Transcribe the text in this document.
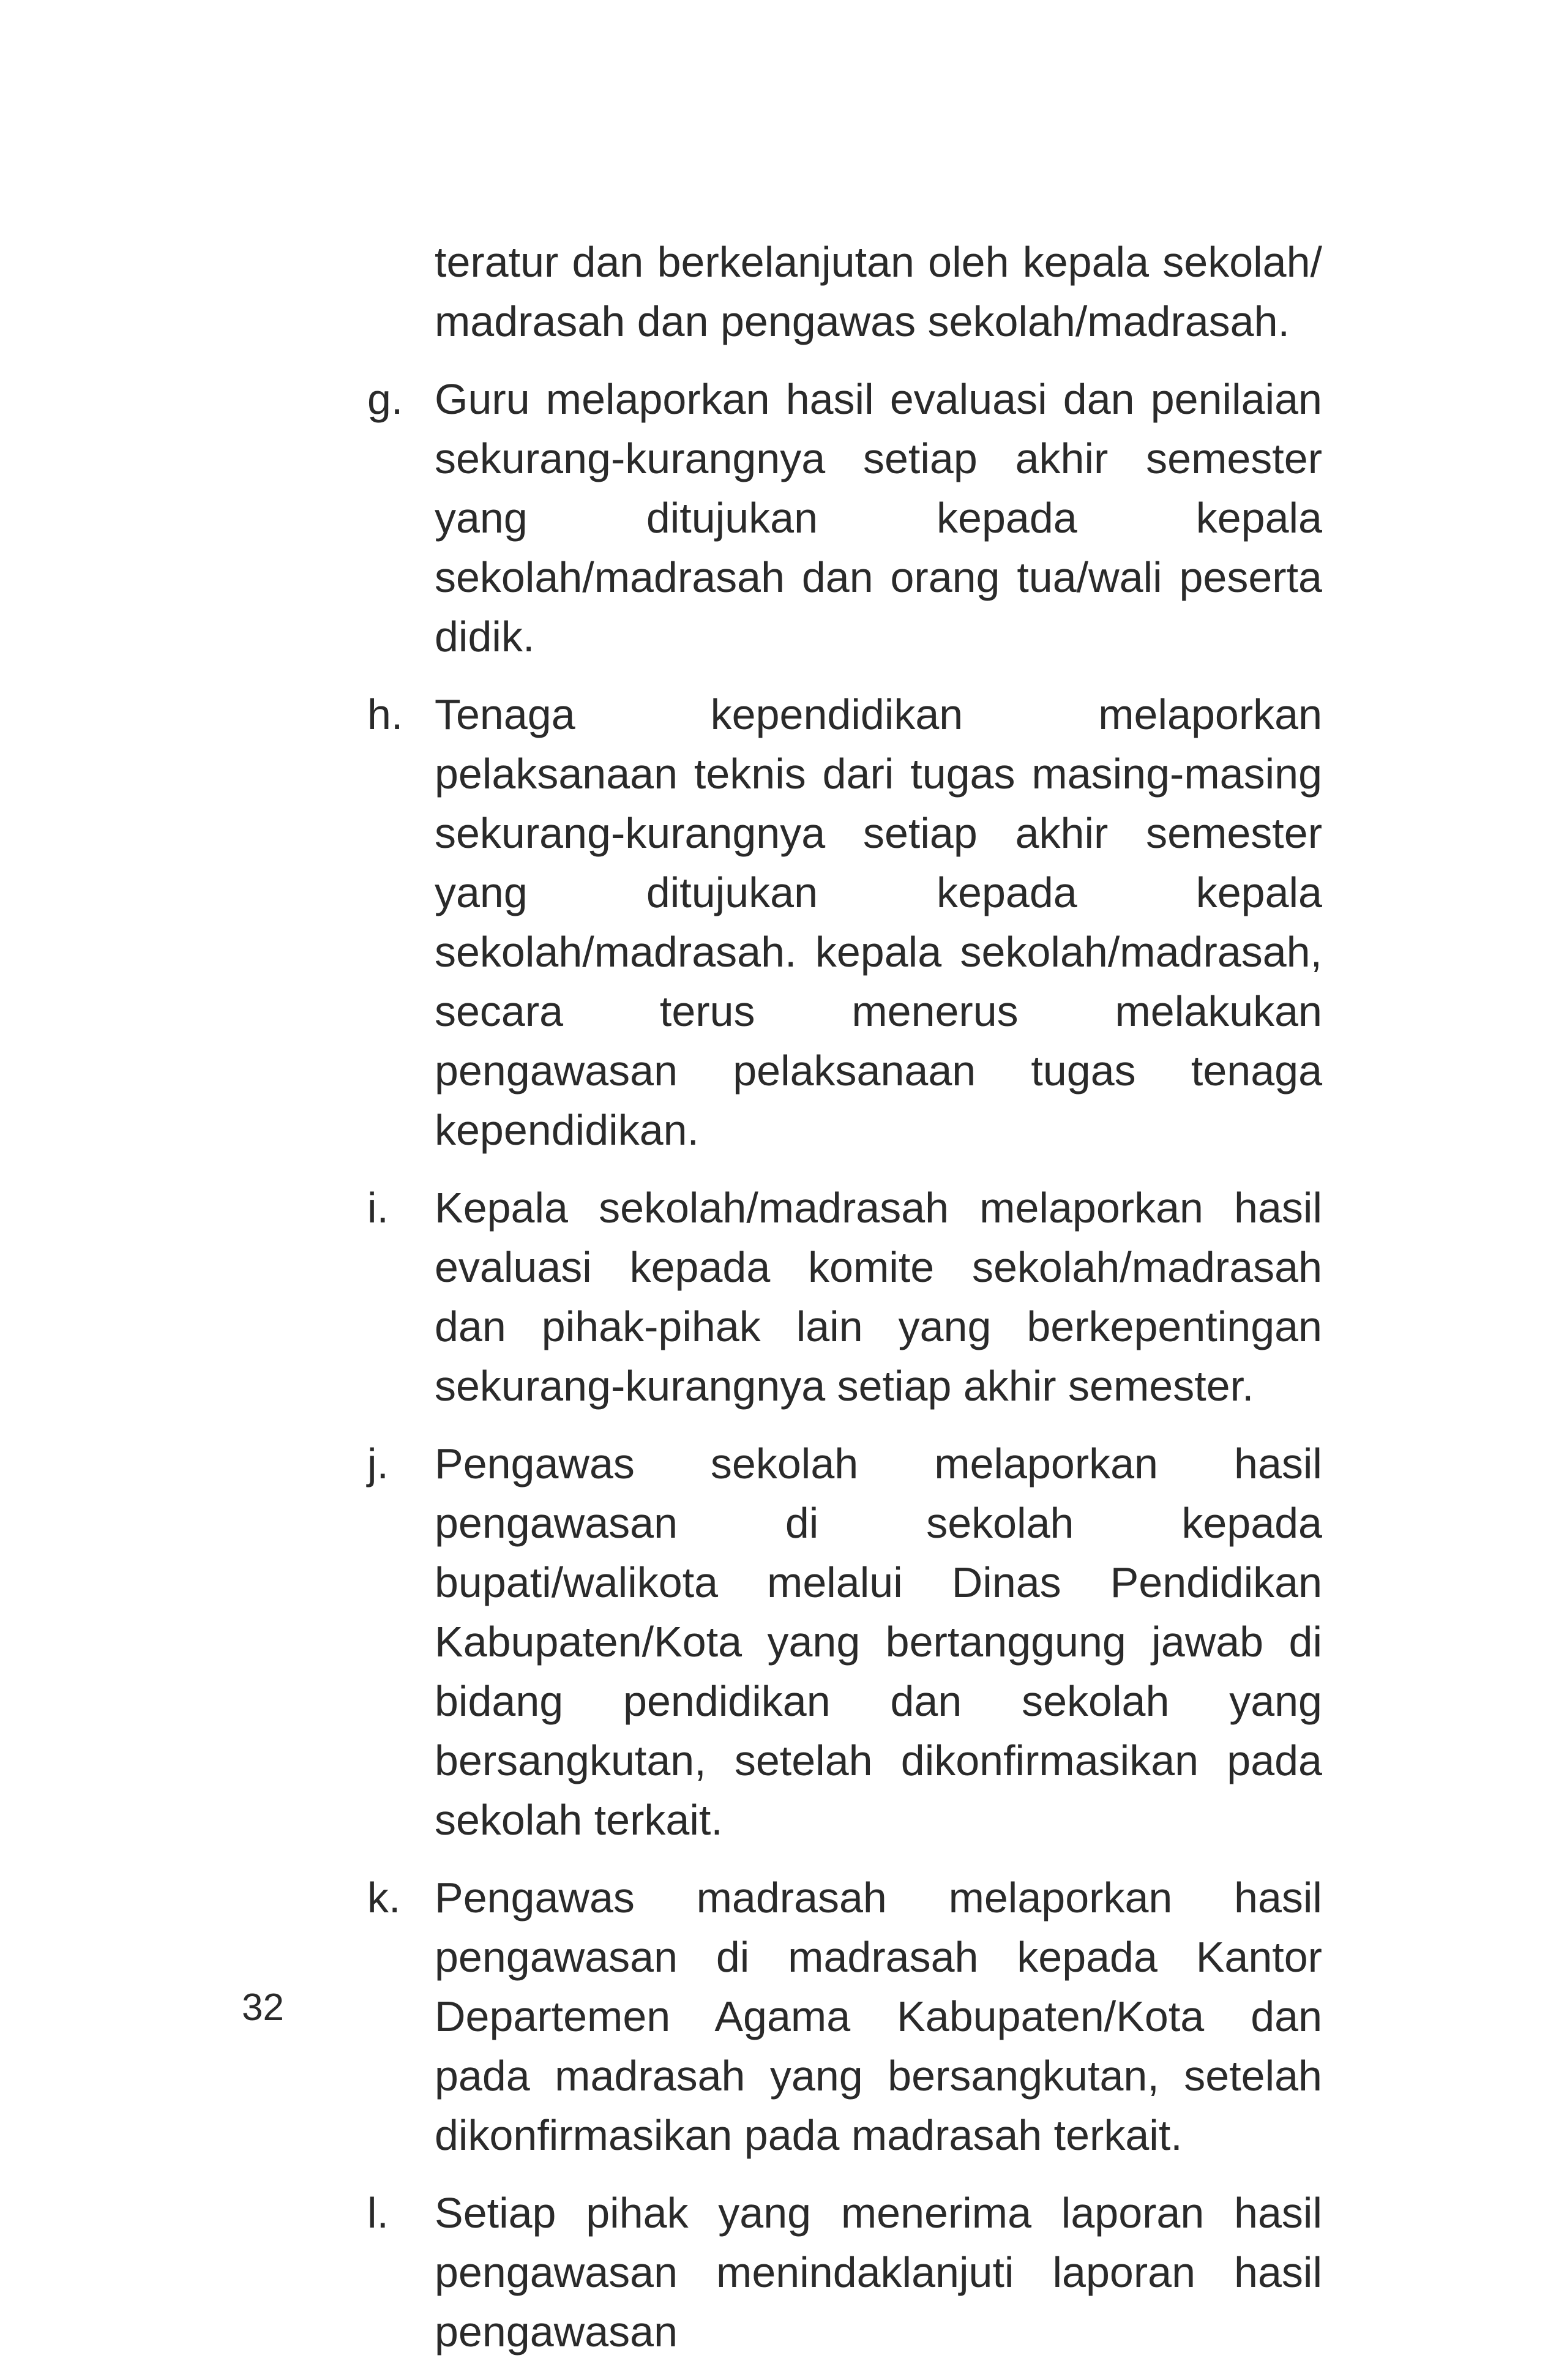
teratur dan berkelanjutan oleh kepala sekolah/ madrasah dan pengawas sekolah/madrasah.

g. Guru melaporkan hasil evaluasi dan penilaian sekurang-kurangnya setiap akhir semester yang ditujukan kepada kepala sekolah/madrasah dan orang tua/wali peserta didik.
h. Tenaga kependidikan melaporkan pelaksanaan teknis dari tugas masing-masing sekurang-kurangnya setiap akhir semester yang ditujukan kepada kepala sekolah/madrasah. kepala sekolah/madrasah, secara terus menerus melakukan pengawasan pelaksanaan tugas tenaga kependidikan.
i.	Kepala sekolah/madrasah melaporkan hasil evaluasi kepada komite sekolah/madrasah dan pihak-pihak lain yang berkepentingan sekurang-kurangnya setiap akhir semester.
j.	Pengawas sekolah melaporkan hasil pengawasan di sekolah kepada bupati/walikota melalui Dinas Pendidikan Kabupaten/Kota yang bertanggung jawab di bidang pendidikan dan sekolah yang bersangkutan, setelah dikonfirmasikan pada sekolah terkait.
k. Pengawas madrasah melaporkan hasil pengawasan di madrasah kepada Kantor Departemen Agama Kabupaten/Kota dan pada madrasah yang bersangkutan, setelah dikonfirmasikan pada madrasah terkait.
l.	Setiap pihak yang menerima laporan hasil pengawasan menindaklanjuti laporan hasil pengawasan
32
